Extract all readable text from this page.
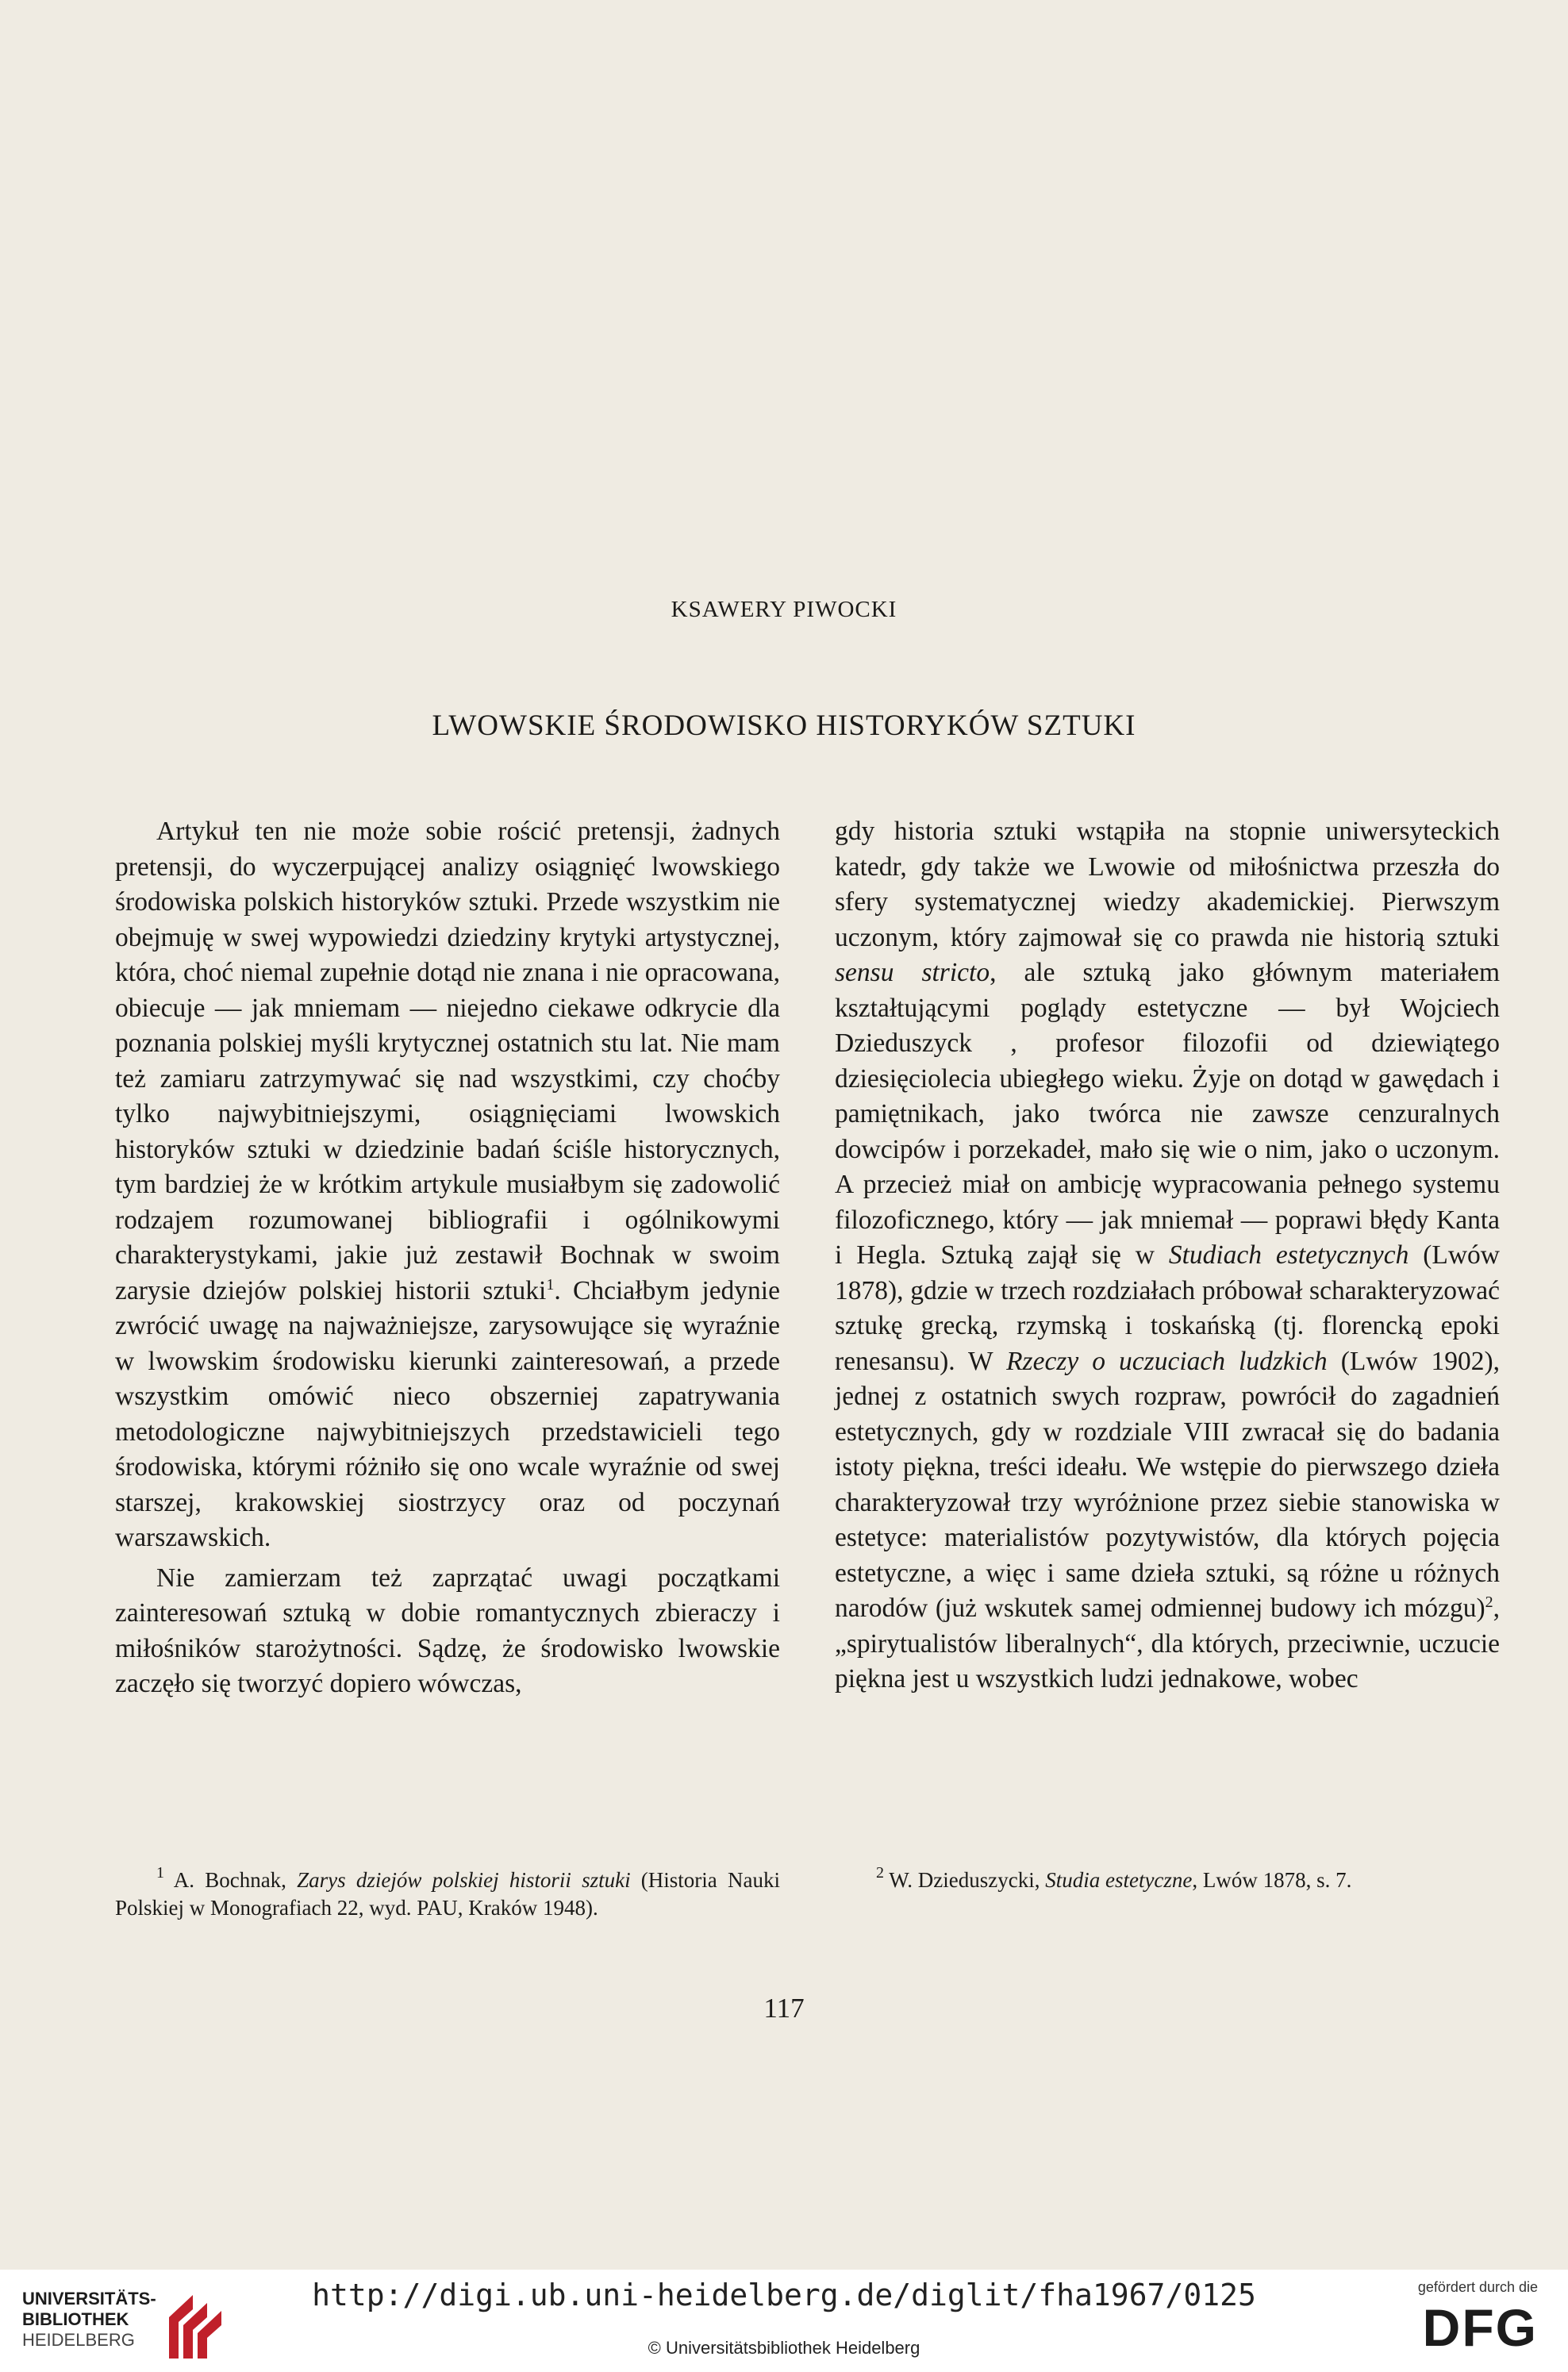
KSAWERY PIWOCKI
LWOWSKIE ŚRODOWISKO HISTORYKÓW SZTUKI

Artykuł ten nie może sobie rościć pretensji, żadnych pretensji, do wyczerpującej analizy osiągnięć lwowskiego środowiska polskich historyków sztuki. Przede wszystkim nie obejmuję w swej wypowiedzi dziedziny krytyki artystycznej, która, choć niemal zupełnie dotąd nie znana i nie opracowana, obiecuje — jak mniemam — niejedno ciekawe odkrycie dla poznania polskiej myśli krytycznej ostatnich stu lat. Nie mam też zamiaru zatrzymywać się nad wszystkimi, czy choćby tylko najwybitniejszymi, osiągnięciami lwowskich historyków sztuki w dziedzinie badań ściśle historycznych, tym bardziej że w krótkim artykule musiałbym się zadowolić rodzajem rozumowanej bibliografii i ogólnikowymi charakterystykami, jakie już zestawił Bochnak w swoim zarysie dziejów polskiej historii sztuki$^1$. Chciałbym jedynie zwrócić uwagę na najważniejsze, zarysowujące się wyraźnie w lwowskim środowisku kierunki zainteresowań, a przede wszystkim omówić nieco obszerniej zapatrywania metodologiczne najwybitniejszych przedstawicieli tego środowiska, którymi różniło się ono wcale wyraźnie od swej starszej, krakowskiej siostrzycy oraz od poczynań warszawskich.

Nie zamierzam też zaprzątać uwagi początkami zainteresowań sztuką w dobie romantycznych zbieraczy i miłośników starożytności. Sądzę, że środowisko lwowskie zaczęło się tworzyć dopiero wówczas,

gdy historia sztuki wstąpiła na stopnie uniwersyteckich katedr, gdy także we Lwowie od miłośnictwa przeszła do sfery systematycznej wiedzy akademickiej. Pierwszym uczonym, który zajmował się co prawda nie historią sztuki sensu stricto, ale sztuką jako głównym materiałem kształtującymi poglądy estetyczne — był Wojciech Dzieduszyck , profesor filozofii od dziewiątego dziesięciolecia ubiegłego wieku. Żyje on dotąd w gawędach i pamiętnikach, jako twórca nie zawsze cenzuralnych dowcipów i porzekadeł, mało się wie o nim, jako o uczonym. A przecież miał on ambicję wypracowania pełnego systemu filozoficznego, który — jak mniemał — poprawi błędy Kanta i Hegla. Sztuką zajął się w Studiach estetycznych (Lwów 1878), gdzie w trzech rozdziałach próbował scharakteryzować sztukę grecką, rzymską i toskańską (tj. florencką epoki renesansu). W Rzeczy o uczuciach ludzkich (Lwów 1902), jednej z ostatnich swych rozpraw, powrócił do zagadnień estetycznych, gdy w rozdziale VIII zwracał się do badania istoty piękna, treści ideału. We wstępie do pierwszego dzieła charakteryzował trzy wyróżnione przez siebie stanowiska w estetyce: materialistów pozytywistów, dla których pojęcia estetyczne, a więc i same dzieła sztuki, są różne u różnych narodów (już wskutek samej odmiennej budowy ich mózgu)$^2$, „spirytualistów liberalnych“, dla których, przeciwnie, uczucie piękna jest u wszystkich ludzi jednakowe, wobec

$^1$ A. Bochnak, Zarys dziejów polskiej historii sztuki (Historia Nauki Polskiej w Monografiach 22, wyd. PAU, Kraków 1948).

$^2$ W. Dzieduszycki, Studia estetyczne, Lwów 1878, s. 7.

117
UNIVERSITÄTS-
BIBLIOTHEK
HEIDELBERG
http://digi.ub.uni-heidelberg.de/diglit/fha1967/0125
© Universitätsbibliothek Heidelberg
gefördert durch die
DFG
